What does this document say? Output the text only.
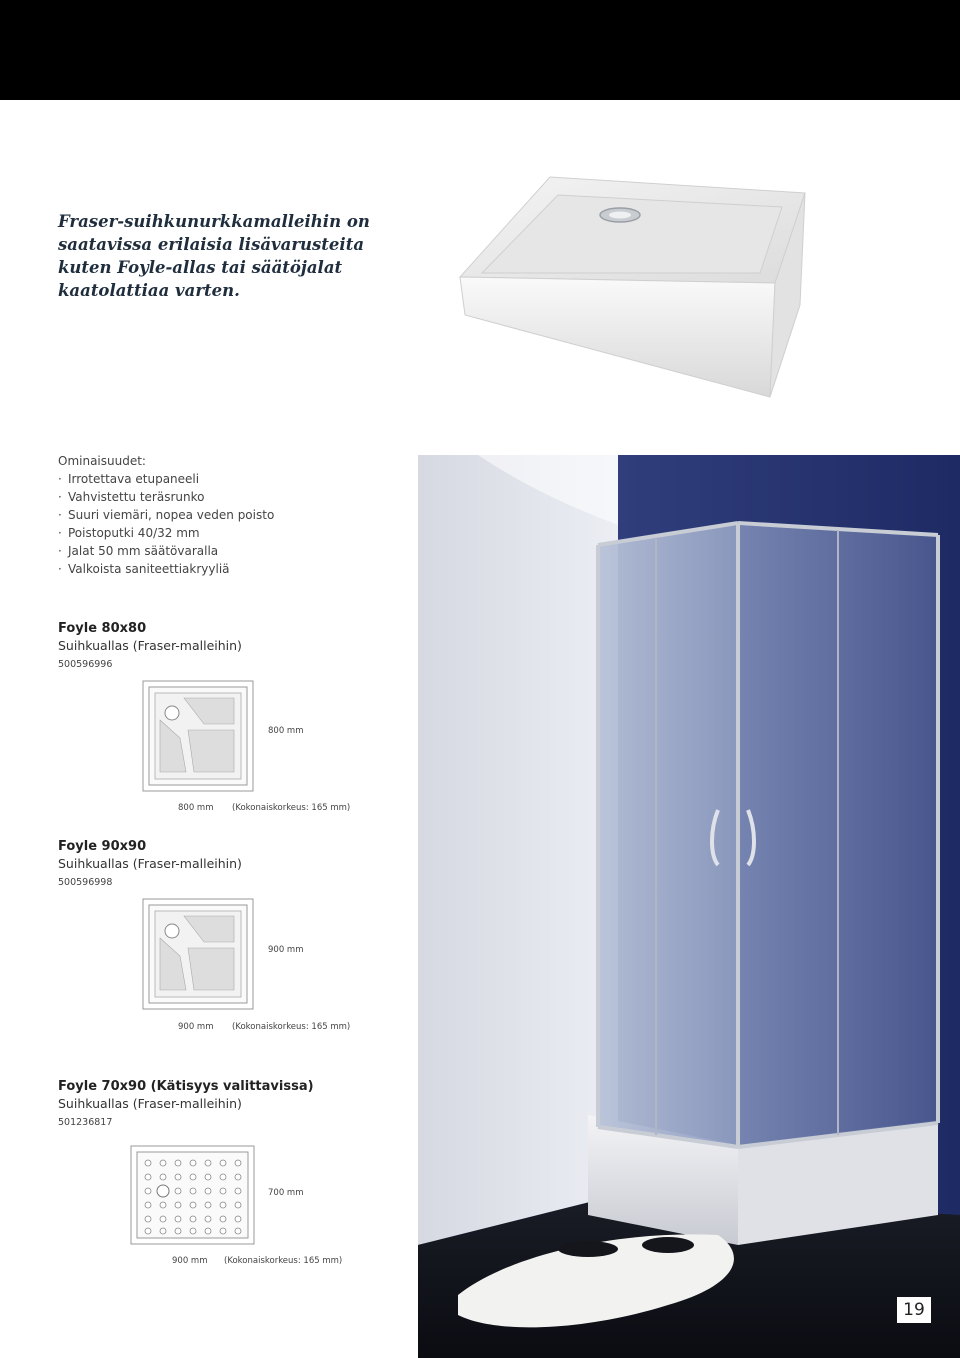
Fraser-suihkunurkkamalleihin on saatavissa erilaisia lisävarusteita kuten Foyle-allas tai säätöjalat kaatolattiaa varten.

Ominaisuudet:
· Irrotettava etupaneeli
· Vahvistettu teräsrunko
· Suuri viemäri, nopea veden poisto
· Poistoputki 40/32 mm
· Jalat 50 mm säätövaralla
· Valkoista saniteettiakryyliä
Foyle 80x80
Suihkuallas (Fraser-malleihin)
500596996
800 mm
800 mm (Kokonaiskorkeus: 165 mm)
Foyle 90x90
Suihkuallas (Fraser-malleihin)
500596998
900 mm
900 mm (Kokonaiskorkeus: 165 mm)
Foyle 70x90 (Kätisyys valittavissa)
Suihkuallas (Fraser-malleihin)
501236817
700 mm
900 mm (Kokonaiskorkeus: 165 mm)
19
